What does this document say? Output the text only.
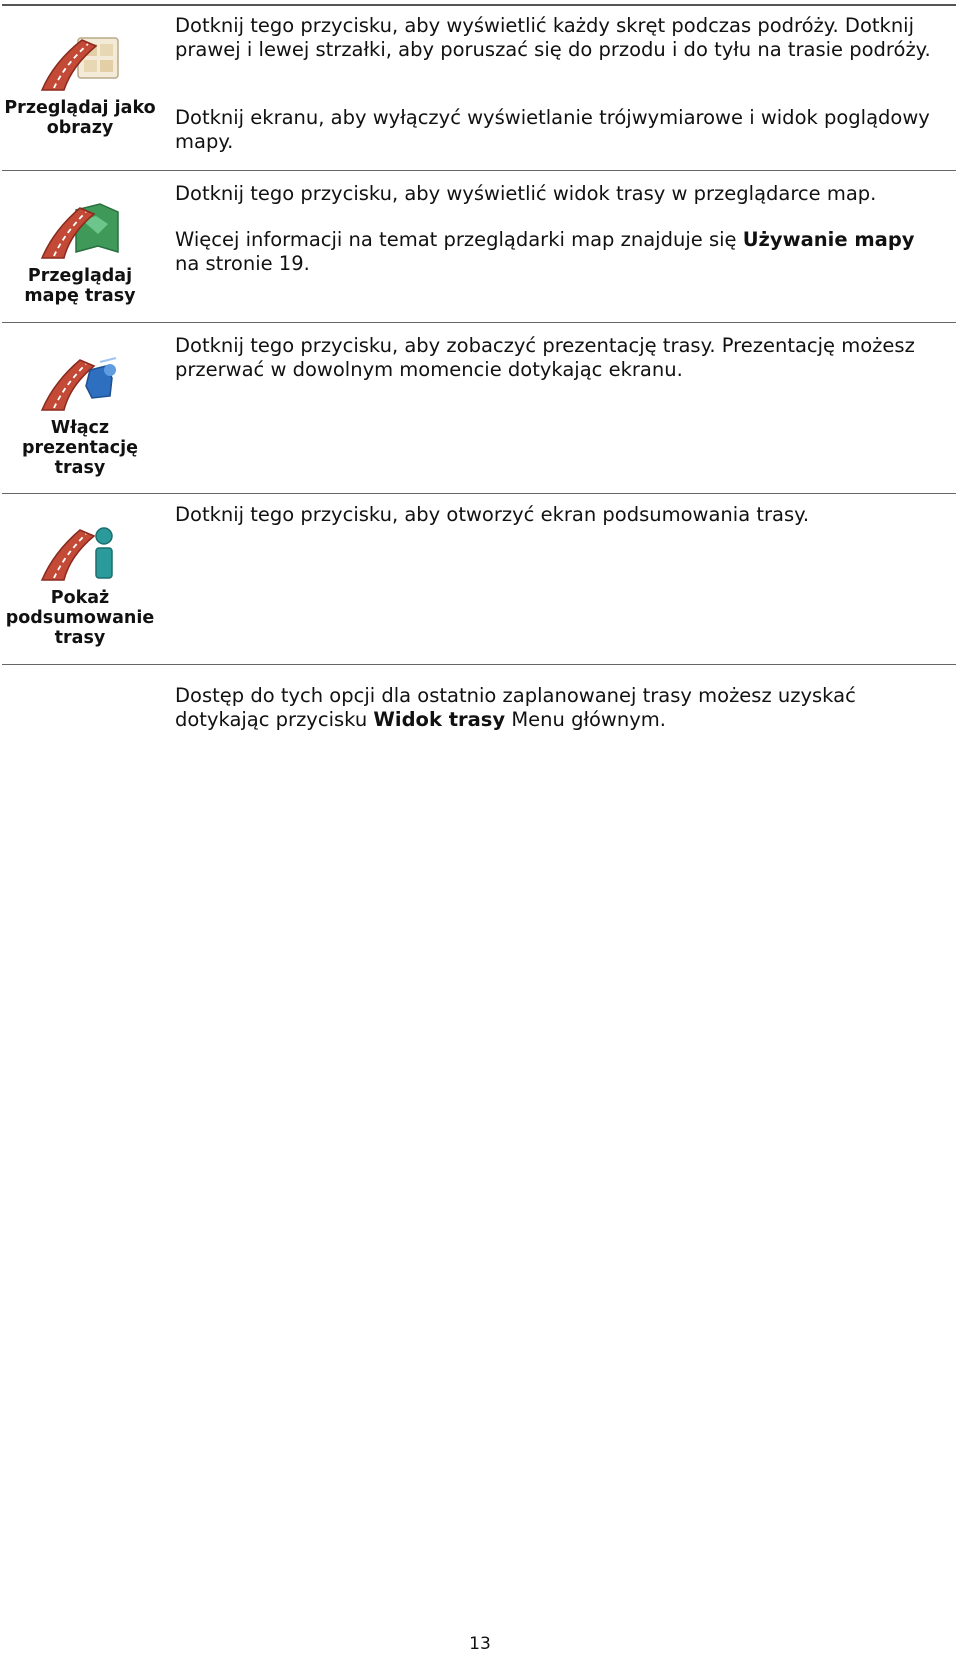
Przeglądaj jako obrazy

Dotknij tego przycisku, aby wyświetlić każdy skręt podczas podróży. Dotknij prawej i lewej strzałki, aby poruszać się do przodu i do tyłu na trasie podróży.

Dotknij ekranu, aby wyłączyć wyświetlanie trójwymiarowe i widok poglądowy mapy.

Przeglądaj mapę trasy

Dotknij tego przycisku, aby wyświetlić widok trasy w przeglądarce map.

Więcej informacji na temat przeglądarki map znajduje się Używanie mapy na stronie 19.

Włącz prezentację trasy

Dotknij tego przycisku, aby zobaczyć prezentację trasy. Prezentację możesz przerwać w dowolnym momencie dotykając ekranu.

Pokaż podsumowanie trasy

Dotknij tego przycisku, aby otworzyć ekran podsumowania trasy.

Dostęp do tych opcji dla ostatnio zaplanowanej trasy możesz uzyskać dotykając przycisku Widok trasy Menu głównym.

13
